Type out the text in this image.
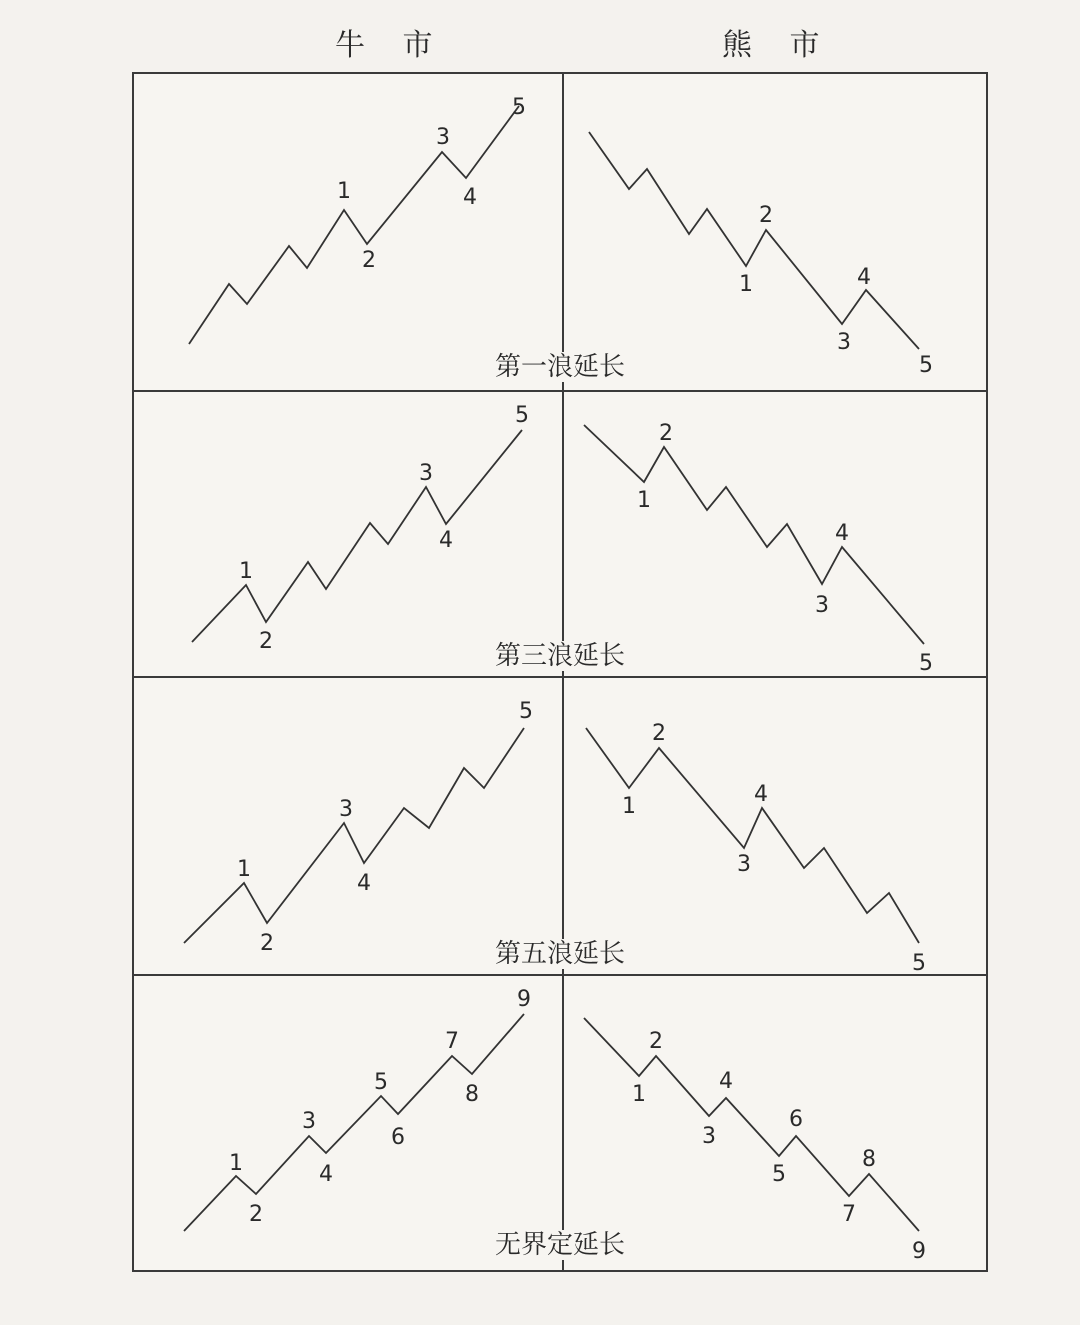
牛 市	熊 市
1
2
3
4
5
2
1	4
3
5
第一浪延长
1
2
3
4
5
2
1
4
3
5
第三浪延长
1
2
3
4
5
2
1	4
3
5
第五浪延长
1
2
3
4
5
6
7
8
9
2
1
4
3
6
5
8
7
9
无界定延长
